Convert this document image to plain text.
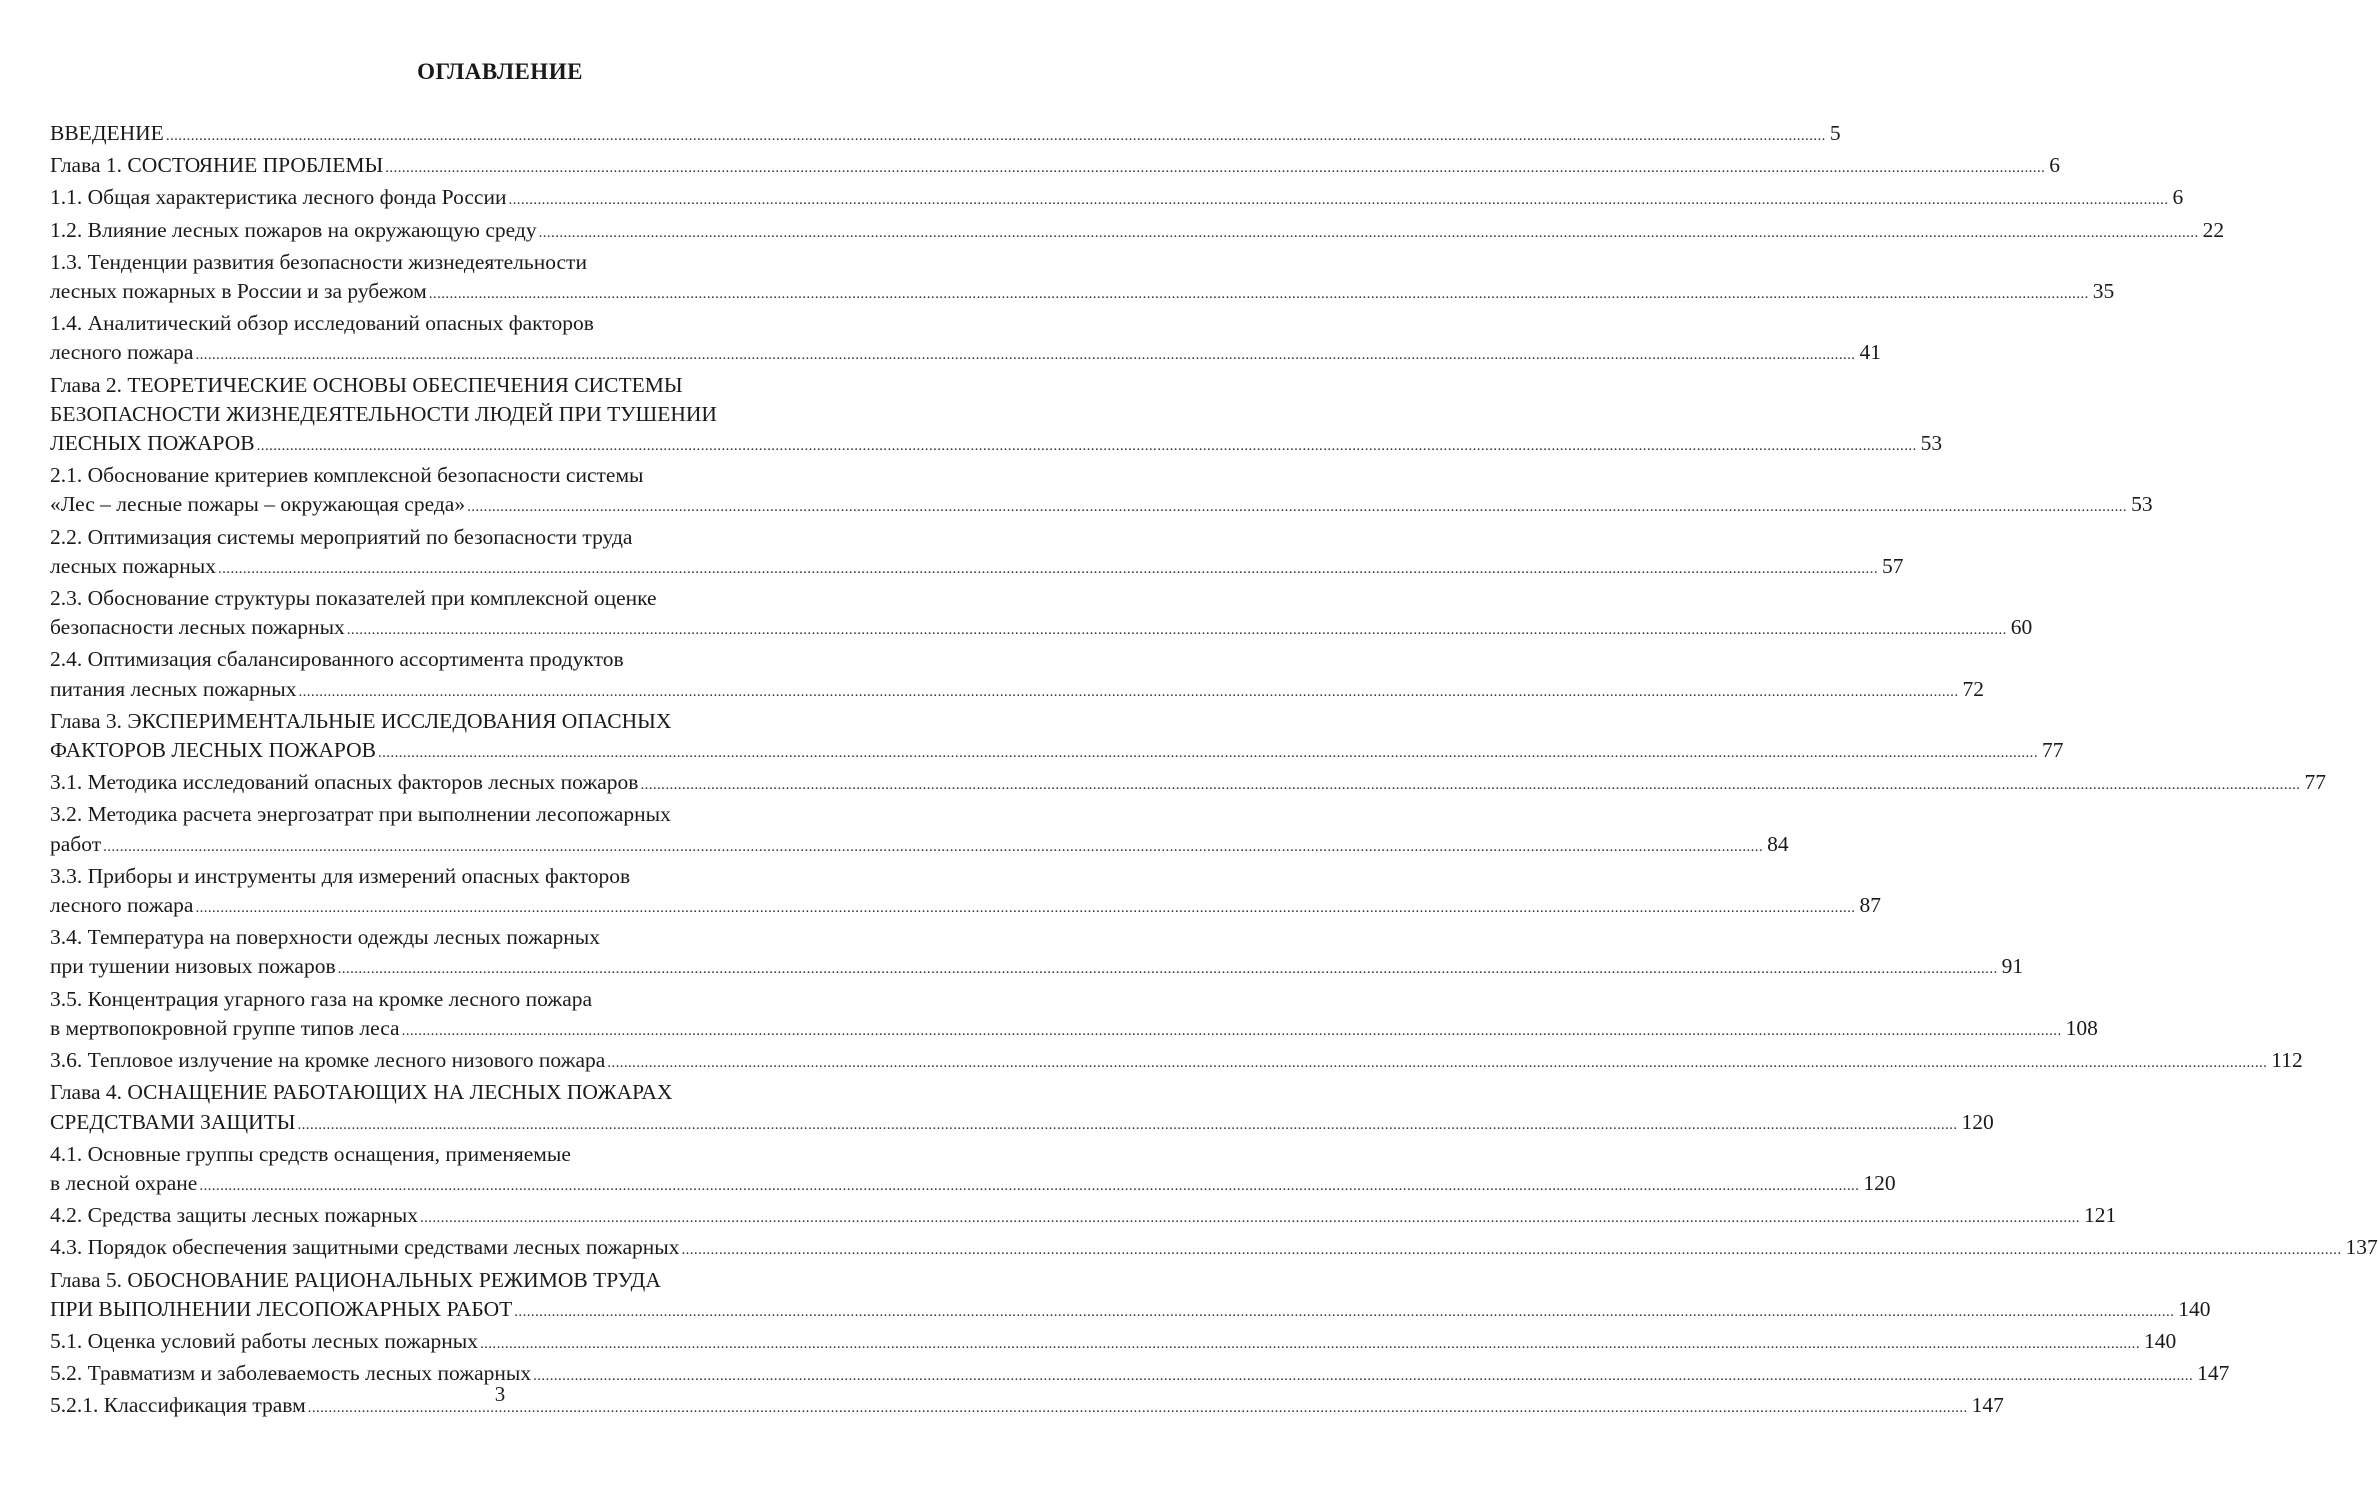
ОГЛАВЛЕНИЕ
ВВЕДЕНИЕ ................................................................................................................................................................................................................................................................................................................................................................................................................ 5
Глава 1. СОСТОЯНИЕ ПРОБЛЕМЫ ................................................................................................................................................................................................................................................................................................................................................................................................................ 6
1.1. Общая характеристика лесного фонда России ................................................................................................................................................................................................................................................................................................................................................................................................................ 6
1.2. Влияние лесных пожаров на окружающую среду ................................................................................................................................................................................................................................................................................................................................................................................................................ 22
1.3. Тенденции развития безопасности жизнедеятельности
лесных пожарных в России и за рубежом ................................................................................................................................................................................................................................................................................................................................................................................................................ 35
1.4. Аналитический обзор исследований опасных факторов
лесного пожара ................................................................................................................................................................................................................................................................................................................................................................................................................ 41
Глава 2. ТЕОРЕТИЧЕСКИЕ ОСНОВЫ ОБЕСПЕЧЕНИЯ СИСТЕМЫ
БЕЗОПАСНОСТИ ЖИЗНЕДЕЯТЕЛЬНОСТИ ЛЮДЕЙ ПРИ ТУШЕНИИ
ЛЕСНЫХ ПОЖАРОВ ................................................................................................................................................................................................................................................................................................................................................................................................................ 53
2.1. Обоснование критериев комплексной безопасности системы
«Лес – лесные пожары – окружающая среда» ................................................................................................................................................................................................................................................................................................................................................................................................................ 53
2.2. Оптимизация системы мероприятий по безопасности труда
лесных пожарных ................................................................................................................................................................................................................................................................................................................................................................................................................ 57
2.3. Обоснование структуры показателей при комплексной оценке
безопасности лесных пожарных ................................................................................................................................................................................................................................................................................................................................................................................................................ 60
2.4. Оптимизация сбалансированного ассортимента продуктов
питания лесных пожарных ................................................................................................................................................................................................................................................................................................................................................................................................................ 72
Глава 3. ЭКСПЕРИМЕНТАЛЬНЫЕ ИССЛЕДОВАНИЯ ОПАСНЫХ
ФАКТОРОВ ЛЕСНЫХ ПОЖАРОВ ................................................................................................................................................................................................................................................................................................................................................................................................................ 77
3.1. Методика исследований опасных факторов лесных пожаров ................................................................................................................................................................................................................................................................................................................................................................................................................ 77
3.2. Методика расчета энергозатрат при выполнении лесопожарных
работ ................................................................................................................................................................................................................................................................................................................................................................................................................ 84
3.3. Приборы и инструменты для измерений опасных факторов
лесного пожара ................................................................................................................................................................................................................................................................................................................................................................................................................ 87
3.4. Температура на поверхности одежды лесных пожарных
при тушении низовых пожаров ................................................................................................................................................................................................................................................................................................................................................................................................................ 91
3.5. Концентрация угарного газа на кромке лесного пожара
в мертвопокровной группе типов леса ................................................................................................................................................................................................................................................................................................................................................................................................................ 108
3.6. Тепловое излучение на кромке лесного низового пожара ................................................................................................................................................................................................................................................................................................................................................................................................................ 112
Глава 4. ОСНАЩЕНИЕ РАБОТАЮЩИХ НА ЛЕСНЫХ ПОЖАРАХ
СРЕДСТВАМИ ЗАЩИТЫ ................................................................................................................................................................................................................................................................................................................................................................................................................ 120
4.1. Основные группы средств оснащения, применяемые
в лесной охране ................................................................................................................................................................................................................................................................................................................................................................................................................ 120
4.2. Средства защиты лесных пожарных ................................................................................................................................................................................................................................................................................................................................................................................................................ 121
4.3. Порядок обеспечения защитными средствами лесных пожарных ................................................................................................................................................................................................................................................................................................................................................................................................................ 137
Глава 5. ОБОСНОВАНИЕ РАЦИОНАЛЬНЫХ РЕЖИМОВ ТРУДА
ПРИ ВЫПОЛНЕНИИ ЛЕСОПОЖАРНЫХ РАБОТ ................................................................................................................................................................................................................................................................................................................................................................................................................ 140
5.1. Оценка условий работы лесных пожарных ................................................................................................................................................................................................................................................................................................................................................................................................................ 140
5.2. Травматизм и заболеваемость лесных пожарных ................................................................................................................................................................................................................................................................................................................................................................................................................ 147
5.2.1. Классификация травм ................................................................................................................................................................................................................................................................................................................................................................................................................ 147
3
